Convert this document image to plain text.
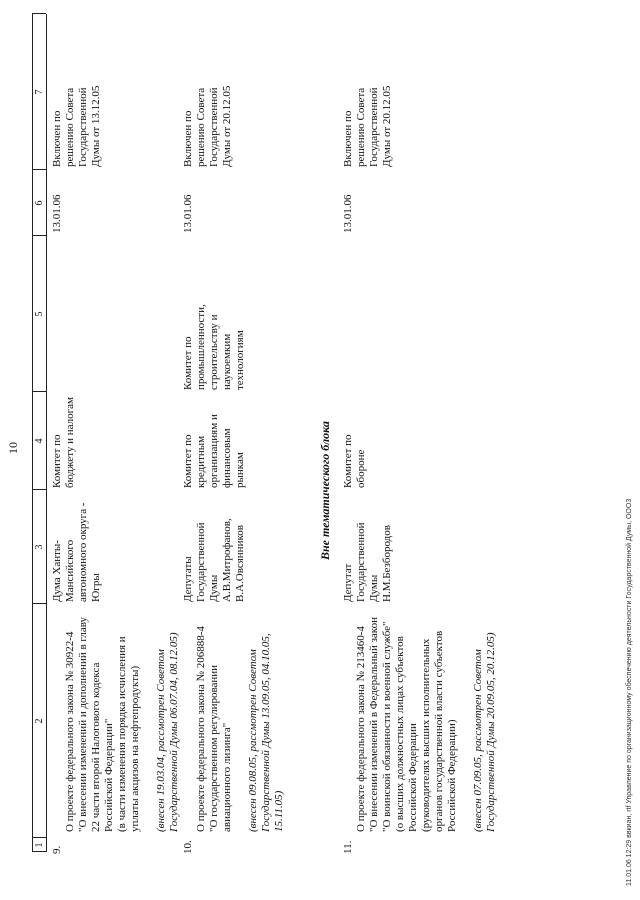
10
1
2
3
4
5
6
7
9.

О проекте федерального закона № 30922-4
"О внесении изменений и дополнений в главу
22 части второй Налогового кодекса
Российской Федерации"
(в части изменения порядка исчисления и
уплаты акцизов на нефтепродукты)

(внесен 19.03.04, рассмотрен Советом
Государственной Думы 06.07.04, 08.12.05)

Дума Ханты-
Мансийского
автономного округа -
Югры
Комитет по
бюджету и налогам
13.01.06
Включен по
решению Совета
Государственной
Думы от 13.12.05
10.

О проекте федерального закона № 206888-4
"О государственном регулировании
авиационного лизинга"

(внесен 09.08.05, рассмотрен Советом
Государственной Думы 13.09.05, 04.10.05,
15.11.05)

Депутаты
Государственной
Думы
А.В.Митрофанов,
В.А.Овсянников
Комитет по
кредитным
организациям и
финансовым
рынкам
Комитет по
промышленности,
строительству и
наукоемким
технологиям
13.01.06
Включен по
решению Совета
Государственной
Думы от 20.12.05
Вне тематического блока
11.

О проекте федерального закона № 213460-4
"О внесении изменений в Федеральный закон
"О воинской обязанности и военной службе"
(о высших должностных лицах субъектов
Российской Федерации
(руководителях высших исполнительных
органов государственной власти субъектов
Российской Федерации)

(внесен 07.09.05, рассмотрен Советом
Государственной Думы 20.09.05, 20.12.05)

Депутат
Государственной
Думы
Н.М.Безбородов
Комитет по
обороне
13.01.06
Включен по
решению Совета
Государственной
Думы от 20.12.05
11.01.06 12:29 ввкиан, rtf Управление по организационному обеспечению деятельности Государственной Думы, ООО3
